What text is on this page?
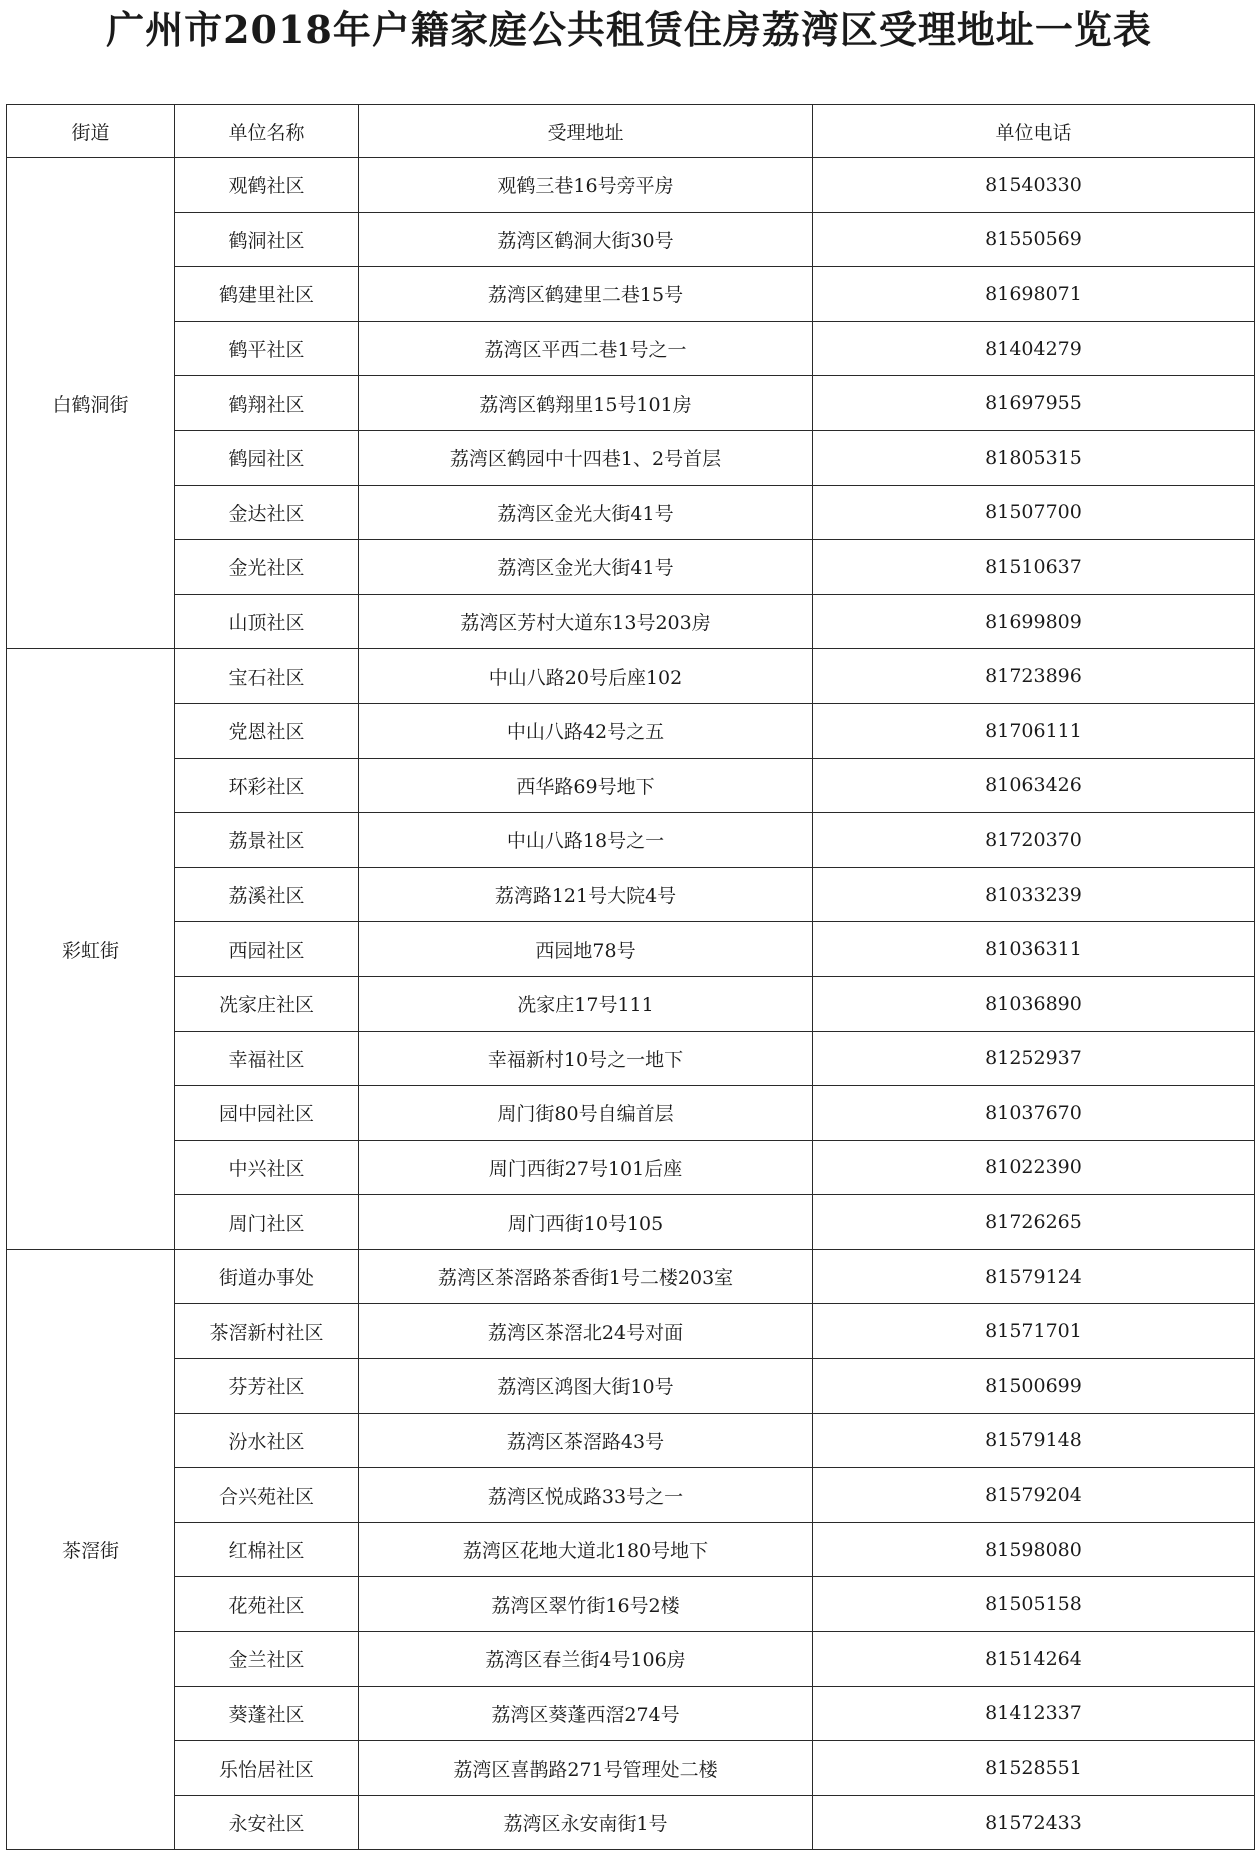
广州市2018年户籍家庭公共租赁住房荔湾区受理地址一览表
街道	单位名称	受理地址	单位电话
白鹤洞街	观鹤社区	观鹤三巷16号旁平房	81540330
	鹤洞社区	荔湾区鹤洞大街30号	81550569
	鹤建里社区	荔湾区鹤建里二巷15号	81698071
	鹤平社区	荔湾区平西二巷1号之一	81404279
	鹤翔社区	荔湾区鹤翔里15号101房	81697955
	鹤园社区	荔湾区鹤园中十四巷1、2号首层	81805315
	金达社区	荔湾区金光大街41号	81507700
	金光社区	荔湾区金光大街41号	81510637
	山顶社区	荔湾区芳村大道东13号203房	81699809
彩虹街	宝石社区	中山八路20号后座102	81723896
	党恩社区	中山八路42号之五	81706111
	环彩社区	西华路69号地下	81063426
	荔景社区	中山八路18号之一	81720370
	荔溪社区	荔湾路121号大院4号	81033239
	西园社区	西园地78号	81036311
	冼家庄社区	冼家庄17号111	81036890
	幸福社区	幸福新村10号之一地下	81252937
	园中园社区	周门街80号自编首层	81037670
	中兴社区	周门西街27号101后座	81022390
	周门社区	周门西街10号105	81726265
茶滘街	街道办事处	荔湾区茶滘路茶香街1号二楼203室	81579124
	茶滘新村社区	荔湾区茶滘北24号对面	81571701
	芬芳社区	荔湾区鸿图大街10号	81500699
	汾水社区	荔湾区茶滘路43号	81579148
	合兴苑社区	荔湾区悦成路33号之一	81579204
	红棉社区	荔湾区花地大道北180号地下	81598080
	花苑社区	荔湾区翠竹街16号2楼	81505158
	金兰社区	荔湾区春兰街4号106房	81514264
	葵蓬社区	荔湾区葵蓬西滘274号	81412337
	乐怡居社区	荔湾区喜鹊路271号管理处二楼	81528551
	永安社区	荔湾区永安南街1号	81572433
